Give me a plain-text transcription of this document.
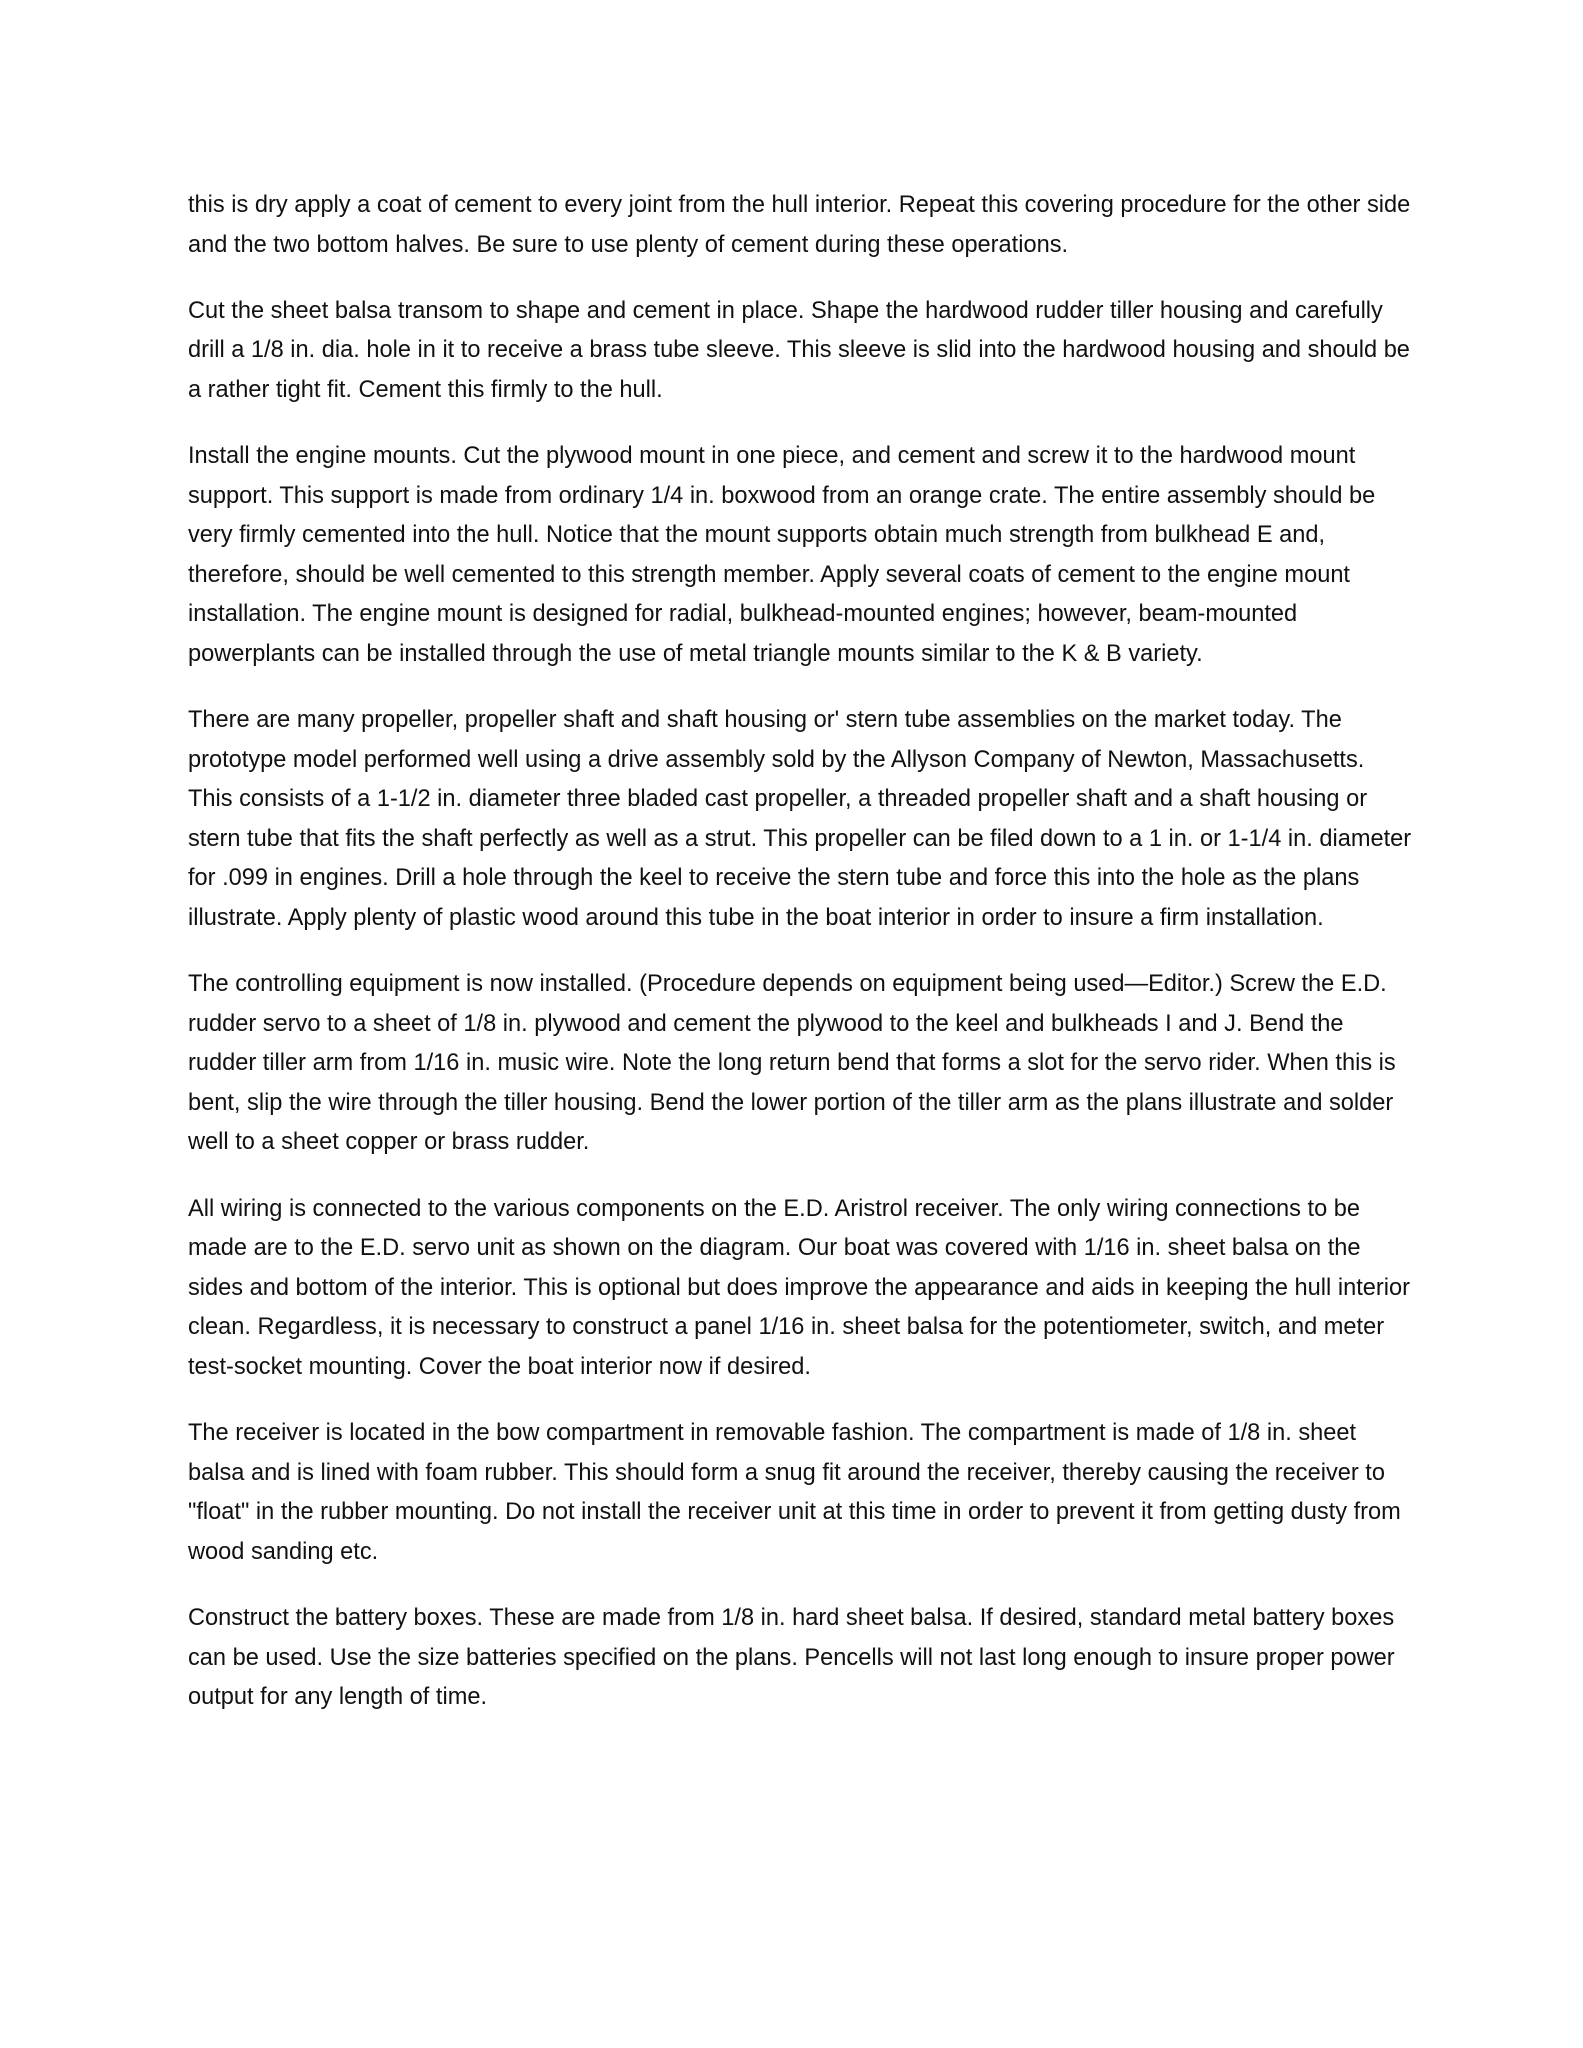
this is dry apply a coat of cement to every joint from the hull interior. Repeat this covering procedure for the other side and the two bottom halves. Be sure to use plenty of cement during these operations.

Cut the sheet balsa transom to shape and cement in place. Shape the hardwood rudder tiller housing and carefully drill a 1/8 in. dia. hole in it to receive a brass tube sleeve. This sleeve is slid into the hardwood housing and should be a rather tight fit. Cement this firmly to the hull.

Install the engine mounts. Cut the plywood mount in one piece, and cement and screw it to the hardwood mount support. This support is made from ordinary 1/4 in. boxwood from an orange crate. The entire assembly should be very firmly cemented into the hull. Notice that the mount supports obtain much strength from bulkhead E and, therefore, should be well cemented to this strength member. Apply several coats of cement to the engine mount installation. The engine mount is designed for radial, bulkhead-mounted engines; however, beam-mounted powerplants can be installed through the use of metal triangle mounts similar to the K & B variety.

There are many propeller, propeller shaft and shaft housing or' stern tube assemblies on the market today. The prototype model performed well using a drive assembly sold by the Allyson Company of Newton, Massachusetts. This consists of a 1-1/2 in. diameter three bladed cast propeller, a threaded propeller shaft and a shaft housing or stern tube that fits the shaft perfectly as well as a strut. This propeller can be filed down to a 1 in. or 1-1/4 in. diameter for .099 in engines. Drill a hole through the keel to receive the stern tube and force this into the hole as the plans illustrate. Apply plenty of plastic wood around this tube in the boat interior in order to insure a firm installation.

The controlling equipment is now installed. (Procedure depends on equipment being used—Editor.) Screw the E.D. rudder servo to a sheet of 1/8 in. plywood and cement the plywood to the keel and bulkheads I and J. Bend the rudder tiller arm from 1/16 in. music wire. Note the long return bend that forms a slot for the servo rider. When this is bent, slip the wire through the tiller housing. Bend the lower portion of the tiller arm as the plans illustrate and solder well to a sheet copper or brass rudder.

All wiring is connected to the various components on the E.D. Aristrol receiver. The only wiring connections to be made are to the E.D. servo unit as shown on the diagram. Our boat was covered with 1/16 in. sheet balsa on the sides and bottom of the interior. This is optional but does improve the appearance and aids in keeping the hull interior clean. Regardless, it is necessary to construct a panel 1/16 in. sheet balsa for the potentiometer, switch, and meter test-socket mounting. Cover the boat interior now if desired.

The receiver is located in the bow compartment in removable fashion. The compartment is made of 1/8 in. sheet balsa and is lined with foam rubber. This should form a snug fit around the receiver, thereby causing the receiver to "float" in the rubber mounting. Do not install the receiver unit at this time in order to prevent it from getting dusty from wood sanding etc.

Construct the battery boxes. These are made from 1/8 in. hard sheet balsa. If desired, standard metal battery boxes can be used. Use the size batteries specified on the plans. Pencells will not last long enough to insure proper power output for any length of time.
